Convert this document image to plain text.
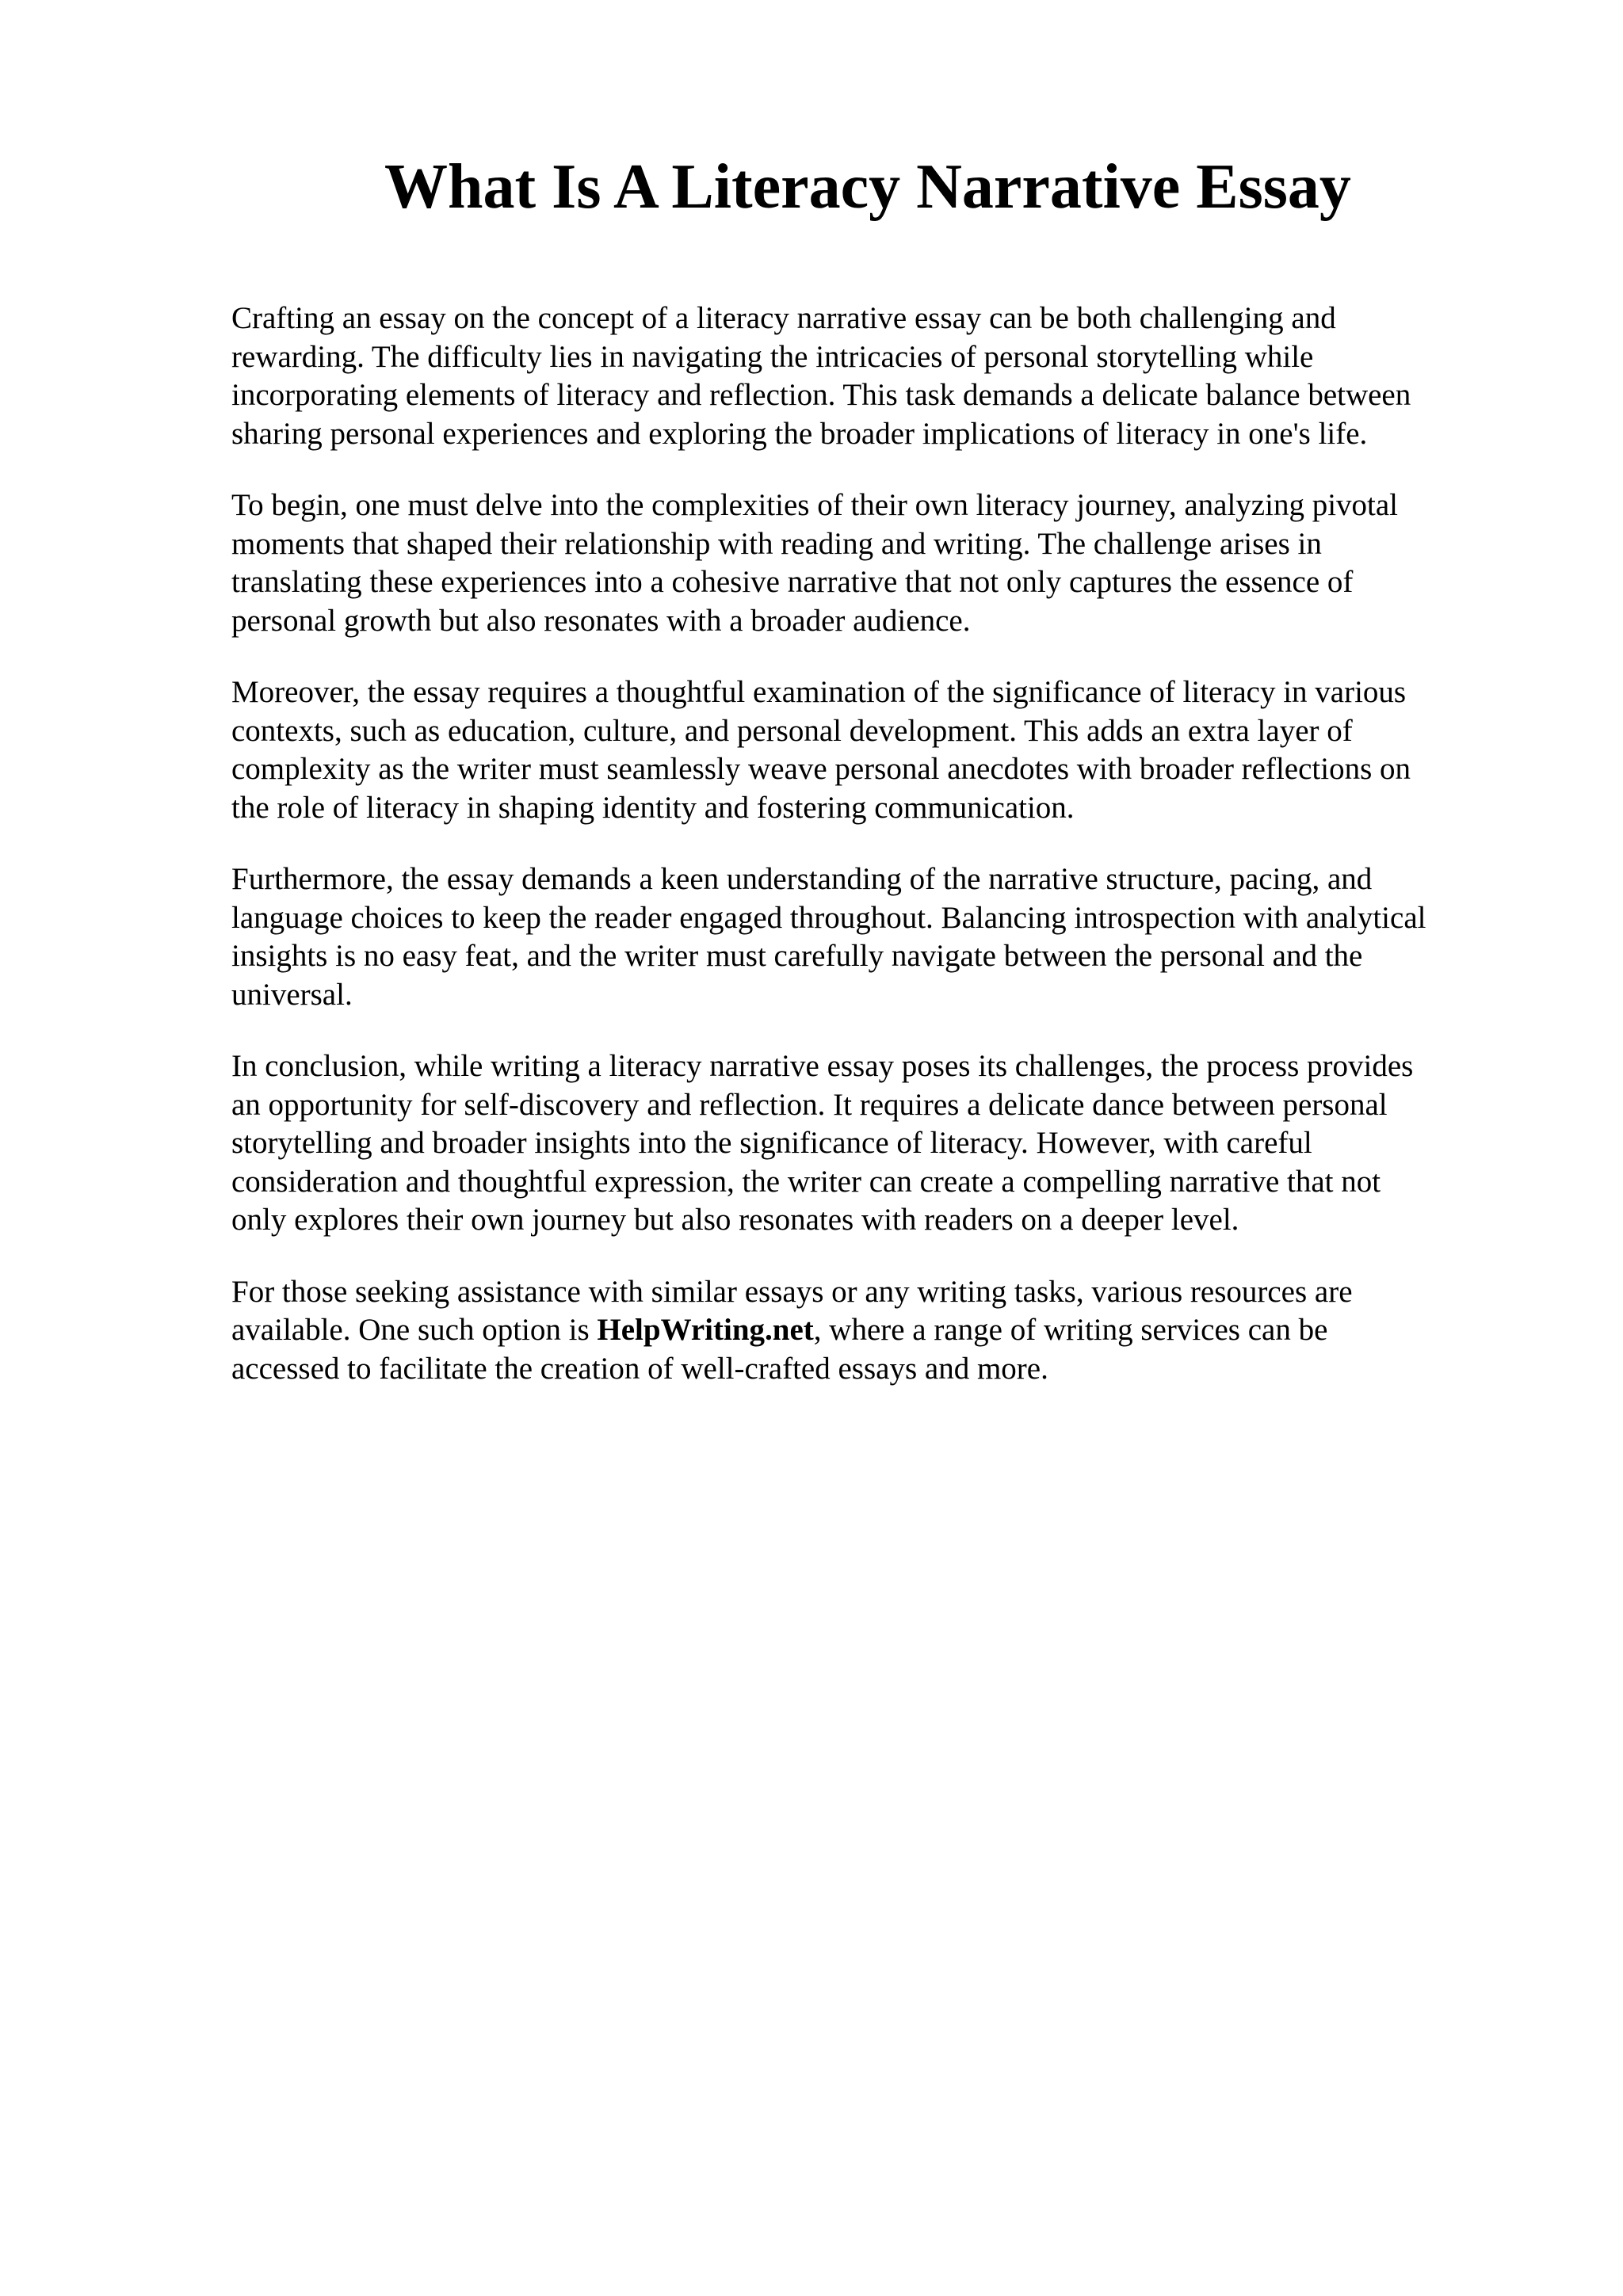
What Is A Literacy Narrative Essay

Crafting an essay on the concept of a literacy narrative essay can be both challenging and
rewarding. The difficulty lies in navigating the intricacies of personal storytelling while
incorporating elements of literacy and reflection. This task demands a delicate balance between
sharing personal experiences and exploring the broader implications of literacy in one's life.

To begin, one must delve into the complexities of their own literacy journey, analyzing pivotal
moments that shaped their relationship with reading and writing. The challenge arises in
translating these experiences into a cohesive narrative that not only captures the essence of
personal growth but also resonates with a broader audience.

Moreover, the essay requires a thoughtful examination of the significance of literacy in various
contexts, such as education, culture, and personal development. This adds an extra layer of
complexity as the writer must seamlessly weave personal anecdotes with broader reflections on
the role of literacy in shaping identity and fostering communication.

Furthermore, the essay demands a keen understanding of the narrative structure, pacing, and
language choices to keep the reader engaged throughout. Balancing introspection with analytical
insights is no easy feat, and the writer must carefully navigate between the personal and the
universal.

In conclusion, while writing a literacy narrative essay poses its challenges, the process provides
an opportunity for self-discovery and reflection. It requires a delicate dance between personal
storytelling and broader insights into the significance of literacy. However, with careful
consideration and thoughtful expression, the writer can create a compelling narrative that not
only explores their own journey but also resonates with readers on a deeper level.

For those seeking assistance with similar essays or any writing tasks, various resources are
available. One such option is HelpWriting.net, where a range of writing services can be
accessed to facilitate the creation of well-crafted essays and more.
